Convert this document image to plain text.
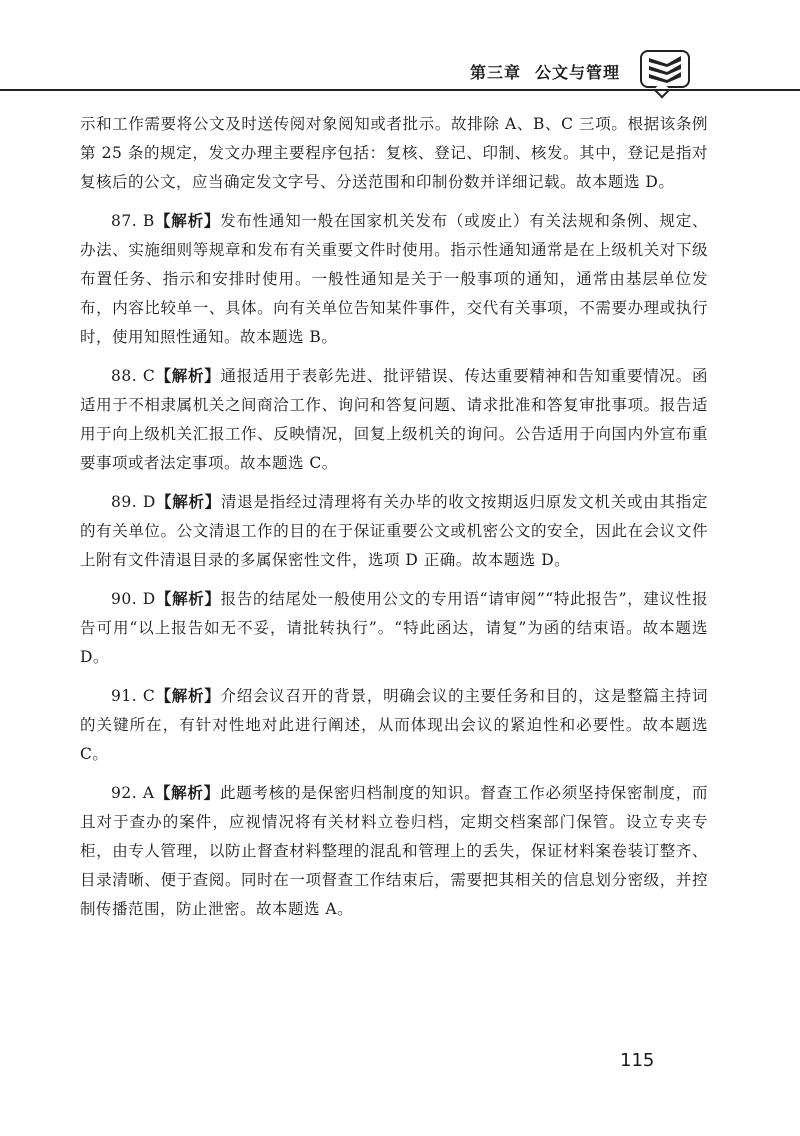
第三章 公文与管理

示和工作需要将公文及时送传阅对象阅知或者批示。故排除 A、B、C 三项。根据该条例第 25 条的规定，发文办理主要程序包括：复核、登记、印制、核发。其中，登记是指对复核后的公文，应当确定发文字号、分送范围和印制份数并详细记载。故本题选 D。

87. B【解析】发布性通知一般在国家机关发布（或废止）有关法规和条例、规定、办法、实施细则等规章和发布有关重要文件时使用。指示性通知通常是在上级机关对下级布置任务、指示和安排时使用。一般性通知是关于一般事项的通知，通常由基层单位发布，内容比较单一、具体。向有关单位告知某件事件，交代有关事项，不需要办理或执行时，使用知照性通知。故本题选 B。

88. C【解析】通报适用于表彰先进、批评错误、传达重要精神和告知重要情况。函适用于不相隶属机关之间商洽工作、询问和答复问题、请求批准和答复审批事项。报告适用于向上级机关汇报工作、反映情况，回复上级机关的询问。公告适用于向国内外宣布重要事项或者法定事项。故本题选 C。

89. D【解析】清退是指经过清理将有关办毕的收文按期返归原发文机关或由其指定的有关单位。公文清退工作的目的在于保证重要公文或机密公文的安全，因此在会议文件上附有文件清退目录的多属保密性文件，选项 D 正确。故本题选 D。

90. D【解析】报告的结尾处一般使用公文的专用语“请审阅”“特此报告”，建议性报告可用“以上报告如无不妥，请批转执行”。“特此函达，请复”为函的结束语。故本题选 D。

91. C【解析】介绍会议召开的背景，明确会议的主要任务和目的，这是整篇主持词的关键所在，有针对性地对此进行阐述，从而体现出会议的紧迫性和必要性。故本题选 C。

92. A【解析】此题考核的是保密归档制度的知识。督查工作必须坚持保密制度，而且对于查办的案件，应视情况将有关材料立卷归档，定期交档案部门保管。设立专夹专柜，由专人管理，以防止督查材料整理的混乱和管理上的丢失，保证材料案卷装订整齐、目录清晰、便于查阅。同时在一项督查工作结束后，需要把其相关的信息划分密级，并控制传播范围，防止泄密。故本题选 A。

115
